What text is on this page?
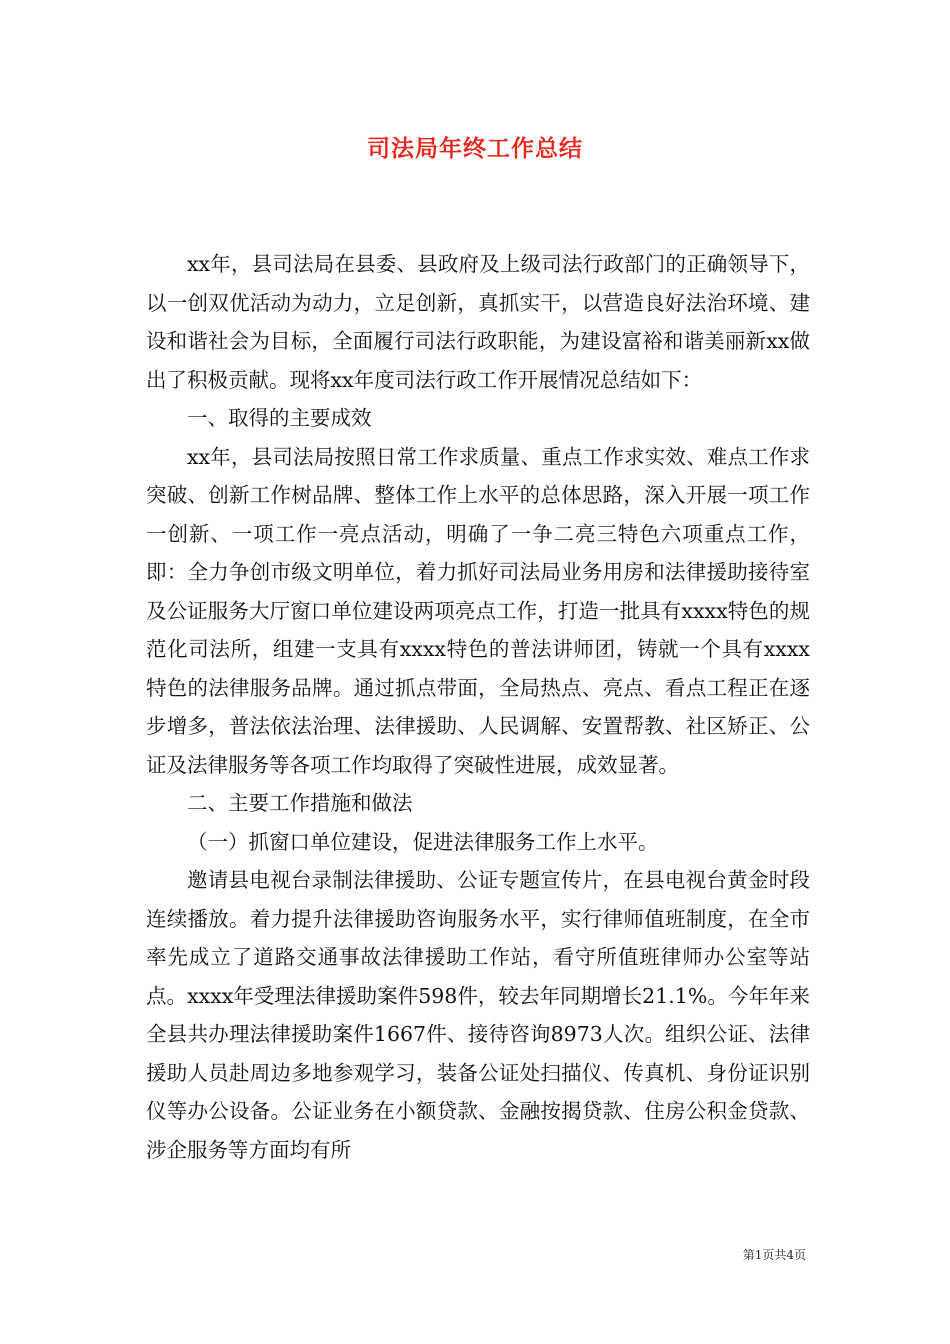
司法局年终工作总结

xx年，县司法局在县委、县政府及上级司法行政部门的正确领导下，以一创双优活动为动力，立足创新，真抓实干，以营造良好法治环境、建设和谐社会为目标，全面履行司法行政职能，为建设富裕和谐美丽新xx做出了积极贡献。现将xx年度司法行政工作开展情况总结如下：

一、取得的主要成效

xx年，县司法局按照日常工作求质量、重点工作求实效、难点工作求突破、创新工作树品牌、整体工作上水平的总体思路，深入开展一项工作一创新、一项工作一亮点活动，明确了一争二亮三特色六项重点工作，即：全力争创市级文明单位，着力抓好司法局业务用房和法律援助接待室及公证服务大厅窗口单位建设两项亮点工作，打造一批具有xxxx特色的规范化司法所，组建一支具有xxxx特色的普法讲师团，铸就一个具有xxxx特色的法律服务品牌。通过抓点带面，全局热点、亮点、看点工程正在逐步增多，普法依法治理、法律援助、人民调解、安置帮教、社区矫正、公证及法律服务等各项工作均取得了突破性进展，成效显著。

二、主要工作措施和做法

（一）抓窗口单位建设，促进法律服务工作上水平。

邀请县电视台录制法律援助、公证专题宣传片，在县电视台黄金时段连续播放。着力提升法律援助咨询服务水平，实行律师值班制度，在全市率先成立了道路交通事故法律援助工作站，看守所值班律师办公室等站点。xxxx年受理法律援助案件598件，较去年同期增长21.1%。今年年来全县共办理法律援助案件1667件、接待咨询8973人次。组织公证、法律援助人员赴周边多地参观学习，装备公证处扫描仪、传真机、身份证识别仪等办公设备。公证业务在小额贷款、金融按揭贷款、住房公积金贷款、涉企服务等方面均有所

第1页共4页
